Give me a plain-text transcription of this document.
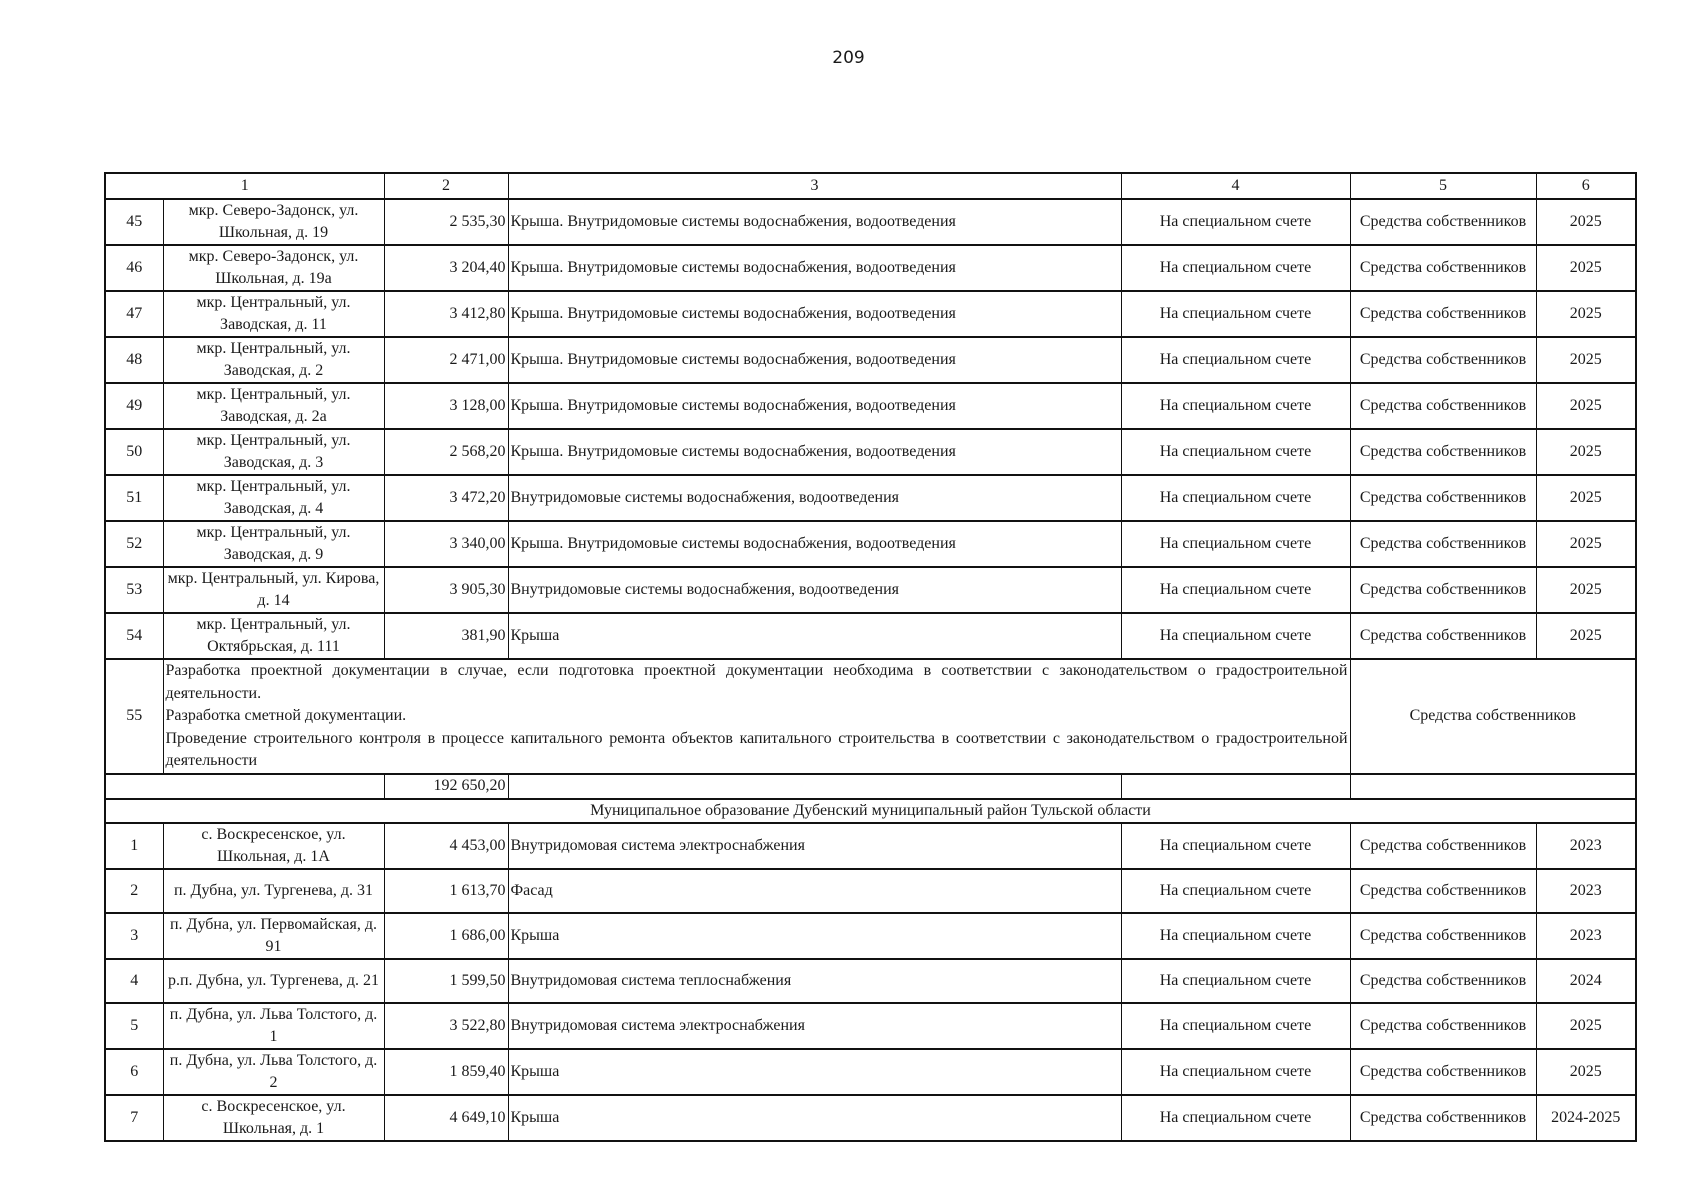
209
1		2	3	4	5	6
45	мкр. Северо-Задонск, ул. Школьная, д. 19	2 535,30	Крыша. Внутридомовые системы водоснабжения, водоотведения	На специальном счете	Средства собственников	2025
46	мкр. Северо-Задонск, ул. Школьная, д. 19а	3 204,40	Крыша. Внутридомовые системы водоснабжения, водоотведения	На специальном счете	Средства собственников	2025
47	мкр. Центральный, ул. Заводская, д. 11	3 412,80	Крыша. Внутридомовые системы водоснабжения, водоотведения	На специальном счете	Средства собственников	2025
48	мкр. Центральный, ул. Заводская, д. 2	2 471,00	Крыша. Внутридомовые системы водоснабжения, водоотведения	На специальном счете	Средства собственников	2025
49	мкр. Центральный, ул. Заводская, д. 2а	3 128,00	Крыша. Внутридомовые системы водоснабжения, водоотведения	На специальном счете	Средства собственников	2025
50	мкр. Центральный, ул. Заводская, д. 3	2 568,20	Крыша. Внутридомовые системы водоснабжения, водоотведения	На специальном счете	Средства собственников	2025
51	мкр. Центральный, ул. Заводская, д. 4	3 472,20	Внутридомовые системы водоснабжения, водоотведения	На специальном счете	Средства собственников	2025
52	мкр. Центральный, ул. Заводская, д. 9	3 340,00	Крыша. Внутридомовые системы водоснабжения, водоотведения	На специальном счете	Средства собственников	2025
53	мкр. Центральный, ул. Кирова, д. 14	3 905,30	Внутридомовые системы водоснабжения, водоотведения	На специальном счете	Средства собственников	2025
54	мкр. Центральный, ул. Октябрьская, д. 111	381,90	Крыша	На специальном счете	Средства собственников	2025
55	Разработка проектной документации в случае, если подготовка проектной документации необходима в соответствии с законодательством о градостроительной деятельности.
Разработка сметной документации.
Проведение строительного контроля в процессе капитального ремонта объектов капитального строительства в соответствии с законодательством о градостроительной деятельности				Средства собственников	
		192 650,20				
Муниципальное образование Дубенский муниципальный район Тульской области						
1	с. Воскресенское, ул. Школьная, д. 1А	4 453,00	Внутридомовая система электроснабжения	На специальном счете	Средства собственников	2023
2	п. Дубна, ул. Тургенева, д. 31	1 613,70	Фасад	На специальном счете	Средства собственников	2023
3	п. Дубна, ул. Первомайская, д. 91	1 686,00	Крыша	На специальном счете	Средства собственников	2023
4	р.п. Дубна, ул. Тургенева, д. 21	1 599,50	Внутридомовая система теплоснабжения	На специальном счете	Средства собственников	2024
5	п. Дубна, ул. Льва Толстого, д. 1	3 522,80	Внутридомовая система электроснабжения	На специальном счете	Средства собственников	2025
6	п. Дубна, ул. Льва Толстого, д. 2	1 859,40	Крыша	На специальном счете	Средства собственников	2025
7	с. Воскресенское, ул. Школьная, д. 1	4 649,10	Крыша	На специальном счете	Средства собственников	2024-2025
